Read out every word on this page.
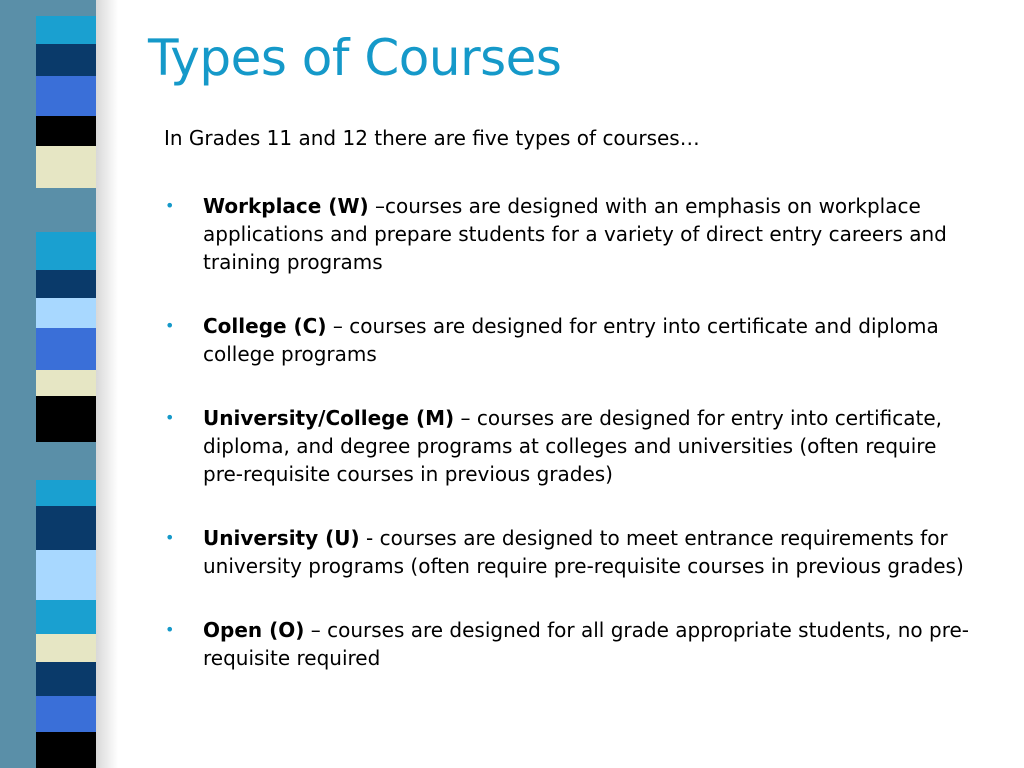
Types of Courses

In Grades 11 and 12 there are five types of courses…

• Workplace (W) –courses are designed with an emphasis on workplace applications and prepare students for a variety of direct entry careers and training programs
• College (C) – courses are designed for entry into certificate and diploma college programs
• University/College (M) – courses are designed for entry into certificate, diploma, and degree programs at colleges and universities (often require pre-requisite courses in previous grades)
• University (U) - courses are designed to meet entrance requirements for university programs (often require pre-requisite courses in previous grades)
• Open (O) – courses are designed for all grade appropriate students, no pre-requisite required
